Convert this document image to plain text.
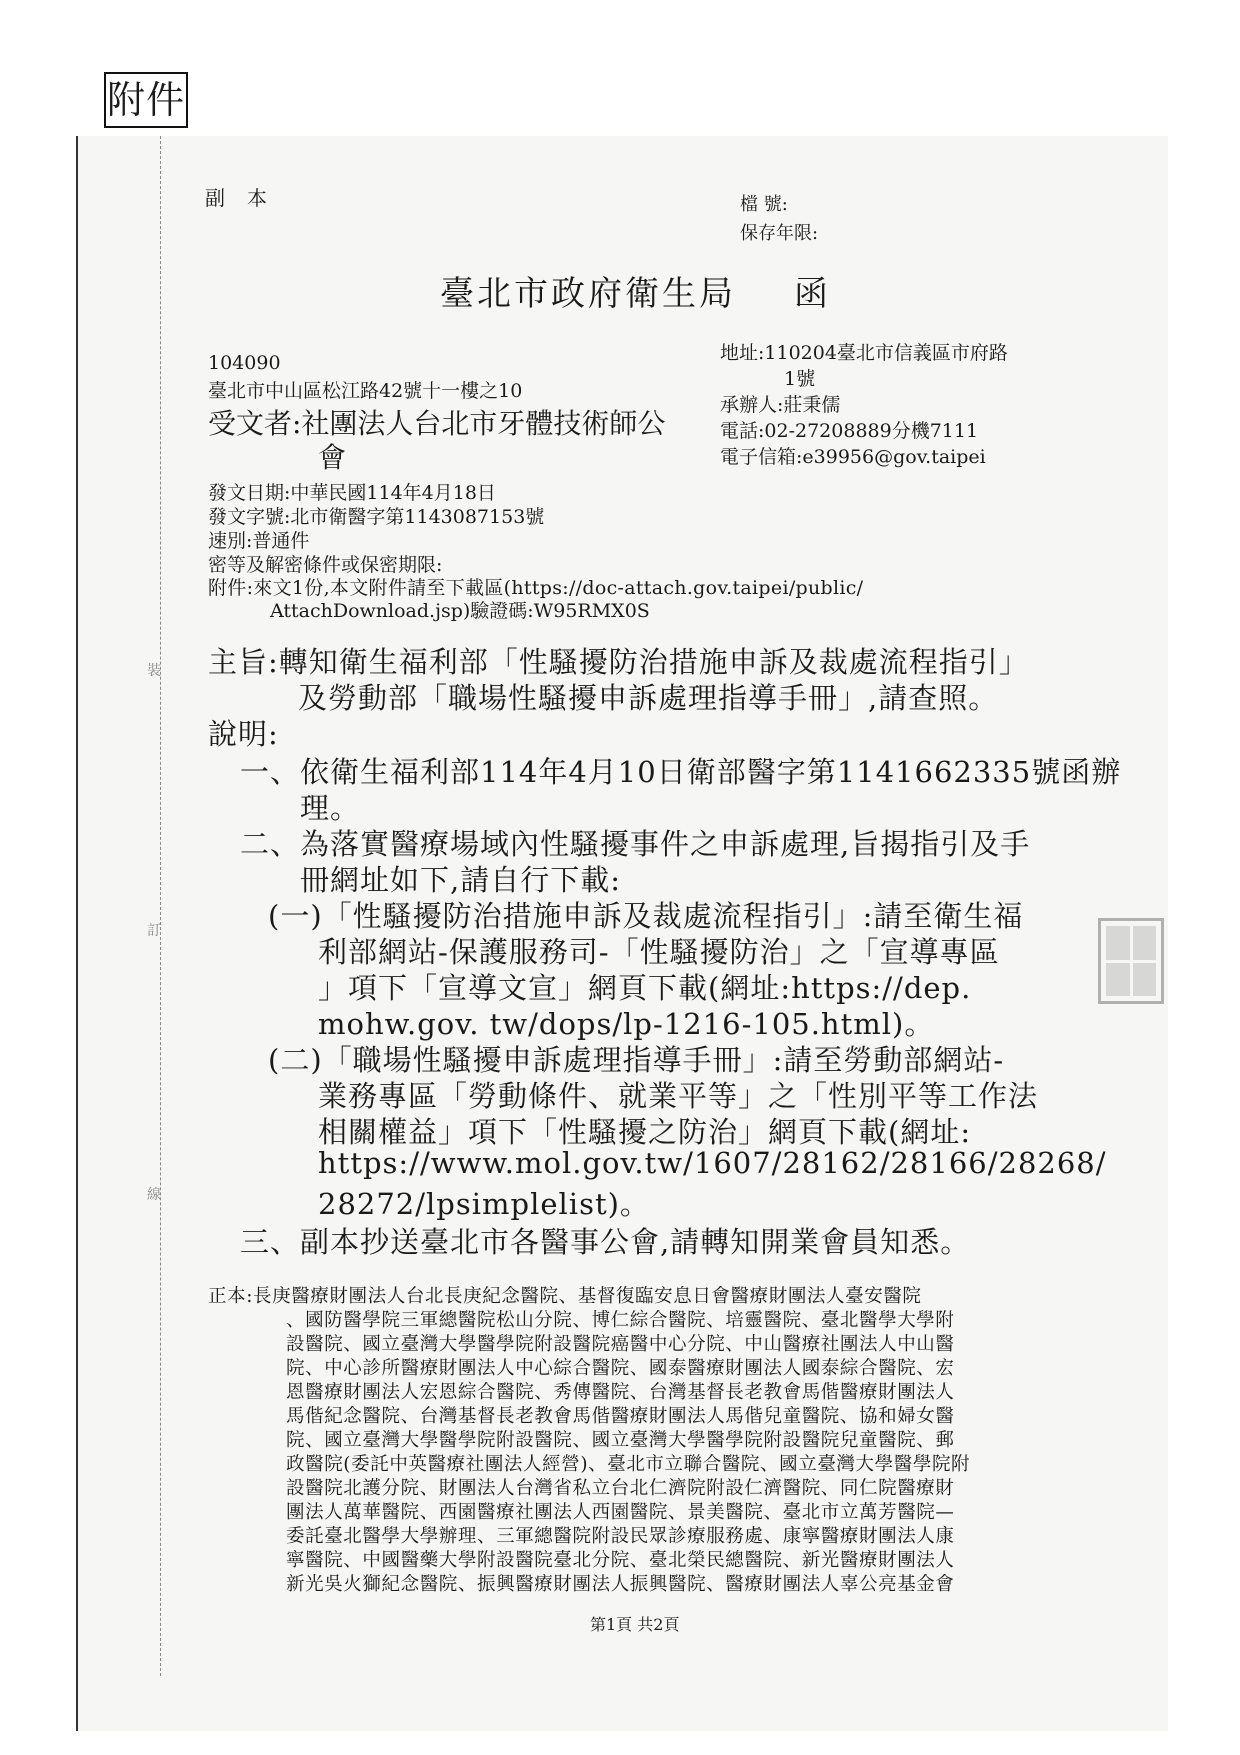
附件
裝
訂
線
副本	檔 號:
保存年限:
臺北市政府衛生局 函
地址:110204臺北市信義區市府路
1號
承辦人:莊秉儒
電話:02-27208889分機7111
電子信箱:e39956@gov.taipei
104090
臺北市中山區松江路42號十一樓之10
受文者:社團法人台北市牙體技術師公
會
發文日期:中華民國114年4月18日
發文字號:北市衛醫字第1143087153號
速別:普通件
密等及解密條件或保密期限:
附件:來文1份,本文附件請至下載區(https://doc-attach.gov.taipei/public/
AttachDownload.jsp)驗證碼:W95RMX0S
主旨:轉知衛生福利部「性騷擾防治措施申訴及裁處流程指引」
及勞動部「職場性騷擾申訴處理指導手冊」,請查照。
說明:
一、依衛生福利部114年4月10日衛部醫字第1141662335號函辦
理。
二、為落實醫療場域內性騷擾事件之申訴處理,旨揭指引及手
冊網址如下,請自行下載:
(一)「性騷擾防治措施申訴及裁處流程指引」:請至衛生福
利部網站-保護服務司-「性騷擾防治」之「宣導專區
」項下「宣導文宣」網頁下載(網址:https://dep.
mohw.gov. tw/dops/lp-1216-105.html)。
(二)「職場性騷擾申訴處理指導手冊」:請至勞動部網站-
業務專區「勞動條件、就業平等」之「性別平等工作法
相關權益」項下「性騷擾之防治」網頁下載(網址:
https://www.mol.gov.tw/1607/28162/28166/28268/
28272/lpsimplelist)。
三、副本抄送臺北市各醫事公會,請轉知開業會員知悉。
正本:長庚醫療財團法人台北長庚紀念醫院、基督復臨安息日會醫療財團法人臺安醫院
、國防醫學院三軍總醫院松山分院、博仁綜合醫院、培靈醫院、臺北醫學大學附
設醫院、國立臺灣大學醫學院附設醫院癌醫中心分院、中山醫療社團法人中山醫
院、中心診所醫療財團法人中心綜合醫院、國泰醫療財團法人國泰綜合醫院、宏
恩醫療財團法人宏恩綜合醫院、秀傳醫院、台灣基督長老教會馬偕醫療財團法人
馬偕紀念醫院、台灣基督長老教會馬偕醫療財團法人馬偕兒童醫院、協和婦女醫
院、國立臺灣大學醫學院附設醫院、國立臺灣大學醫學院附設醫院兒童醫院、郵
政醫院(委託中英醫療社團法人經營)、臺北市立聯合醫院、國立臺灣大學醫學院附
設醫院北護分院、財團法人台灣省私立台北仁濟院附設仁濟醫院、同仁院醫療財
團法人萬華醫院、西園醫療社團法人西園醫院、景美醫院、臺北市立萬芳醫院—
委託臺北醫學大學辦理、三軍總醫院附設民眾診療服務處、康寧醫療財團法人康
寧醫院、中國醫藥大學附設醫院臺北分院、臺北榮民總醫院、新光醫療財團法人
新光吳火獅紀念醫院、振興醫療財團法人振興醫院、醫療財團法人辜公亮基金會
第1頁 共2頁
